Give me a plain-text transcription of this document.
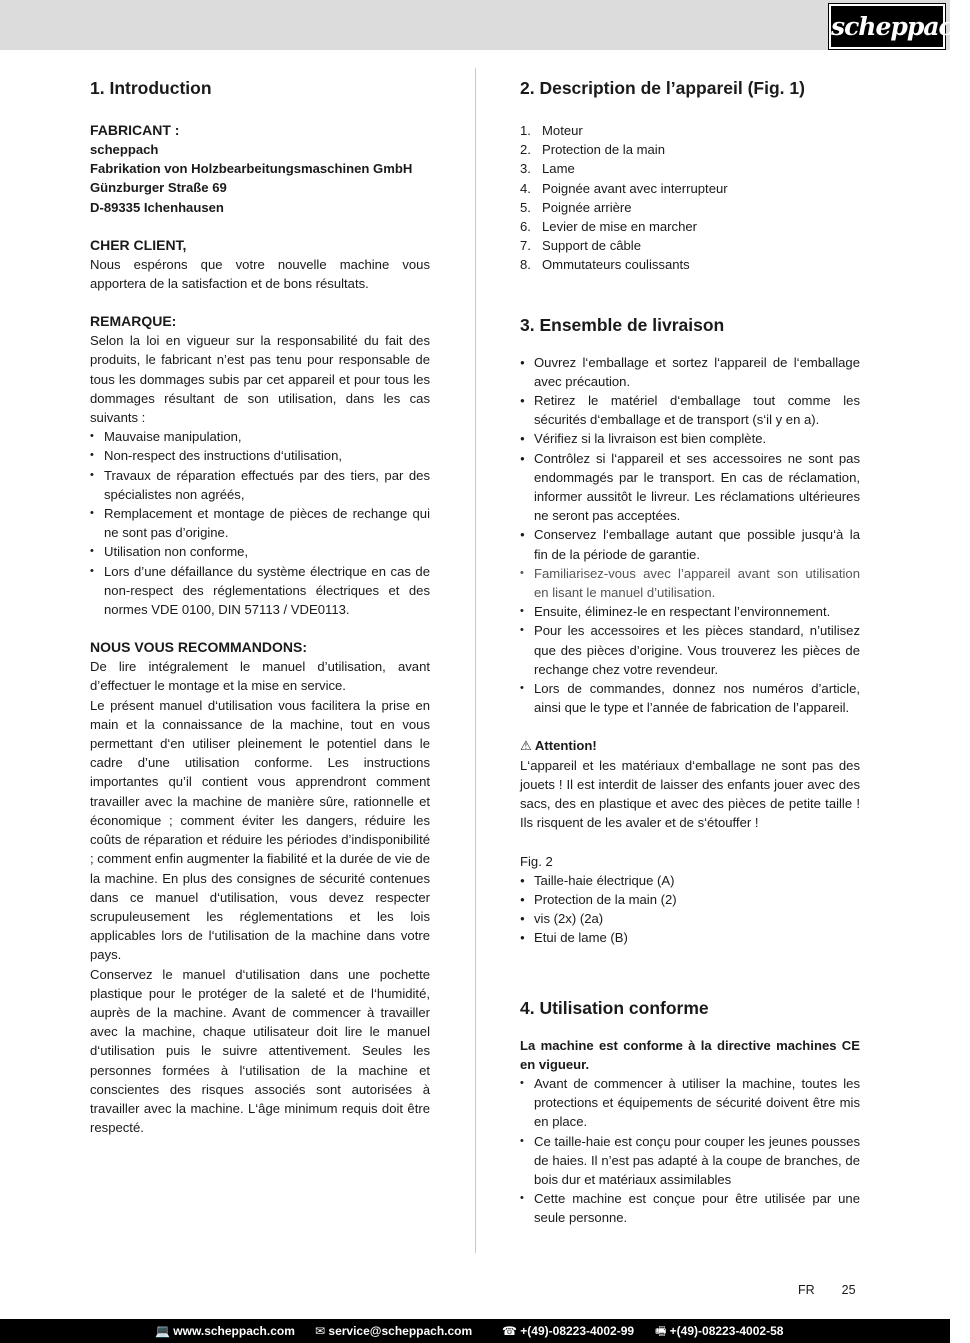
scheppach
1. Introduction
FABRICANT :
scheppach
Fabrikation von Holzbearbeitungsmaschinen GmbH
Günzburger Straße 69
D-89335 Ichenhausen
CHER CLIENT,

Nous espérons que votre nouvelle machine vous apportera de la satisfaction et de bons résultats.

REMARQUE:

Selon la loi en vigueur sur la responsabilité du fait des produits, le fabricant n’est pas tenu pour responsable de tous les dommages subis par cet appareil et pour tous les dommages résultant de son utilisation, dans les cas suivants :

• Mauvaise manipulation,
• Non-respect des instructions d‘utilisation,
• Travaux de réparation effectués par des tiers, par des spécialistes non agréés,
• Remplacement et montage de pièces de rechange qui ne sont pas d’origine.
• Utilisation non conforme,
• Lors d’une défaillance du système électrique en cas de non-respect des réglementations électriques et des normes VDE 0100, DIN 57113 / VDE0113.
NOUS VOUS RECOMMANDONS:

De lire intégralement le manuel d’utilisation, avant d’effectuer le montage et la mise en service.

Le présent manuel d‘utilisation vous facilitera la prise en main et la connaissance de la machine, tout en vous permettant d‘en utiliser pleinement le potentiel dans le cadre d’une utilisation conforme. Les instructions importantes qu’il contient vous apprendront comment travailler avec la machine de manière sûre, rationnelle et économique ; comment éviter les dangers, réduire les coûts de réparation et réduire les périodes d’indisponibilité ; comment enfin augmenter la fiabilité et la durée de vie de la machine. En plus des consignes de sécurité contenues dans ce manuel d‘utilisation, vous devez respecter scrupuleusement les réglementations et les lois applicables lors de l‘utilisation de la machine dans votre pays.

Conservez le manuel d‘utilisation dans une pochette plastique pour le protéger de la saleté et de l‘humidité, auprès de la machine. Avant de commencer à travailler avec la machine, chaque utilisateur doit lire le manuel d‘utilisation puis le suivre attentivement. Seules les personnes formées à l‘utilisation de la machine et conscientes des risques associés sont autorisées à travailler avec la machine. L‘âge minimum requis doit être respecté.

2. Description de l’appareil (Fig. 1)
1. Moteur
2. Protection de la main
3. Lame
4. Poignée avant avec interrupteur
5. Poignée arrière
6. Levier de mise en marcher
7. Support de câble
8. Ommutateurs coulissants
3. Ensemble de livraison
● Ouvrez l‘emballage et sortez l‘appareil de l‘emballage avec précaution.
● Retirez le matériel d‘emballage tout comme les sécurités d‘emballage et de transport (s‘il y en a).
● Vérifiez si la livraison est bien complète.
● Contrôlez si l‘appareil et ses accessoires ne sont pas endommagés par le transport. En cas de réclamation, informer aussitôt le livreur. Les réclamations ultérieures ne seront pas acceptées.
● Conservez l‘emballage autant que possible jusqu‘à la fin de la période de garantie.
• Familiarisez-vous avec l’appareil avant son utilisation en lisant le manuel d’utilisation.
• Ensuite, éliminez-le en respectant l’environnement.
• Pour les accessoires et les pièces standard, n’utilisez que des pièces d’origine. Vous trouverez les pièces de rechange chez votre revendeur.
• Lors de commandes, donnez nos numéros d’article, ainsi que le type et l’année de fabrication de l’appareil.
⚠ Attention!

L‘appareil et les matériaux d‘emballage ne sont pas des jouets ! Il est interdit de laisser des enfants jouer avec des sacs, des en plastique et avec des pièces de petite taille ! Ils risquent de les avaler et de s‘étouffer !

Fig. 2
● Taille-haie électrique (A)
● Protection de la main (2)
● vis (2x) (2a)
● Etui de lame (B)
4. Utilisation conforme

La machine est conforme à la directive machines CE en vigueur.

• Avant de commencer à utiliser la machine, toutes les protections et équipements de sécurité doivent être mis en place.
• Ce taille-haie est conçu pour couper les jeunes pousses de haies. Il n’est pas adapté à la coupe de branches, de bois dur et matériaux assimilables
• Cette machine est conçue pour être utilisée par une seule personne.
FR 25
💻 www.scheppach.com ✉ service@scheppach.com ☎ +(49)-08223-4002-99 🖷 +(49)-08223-4002-58
